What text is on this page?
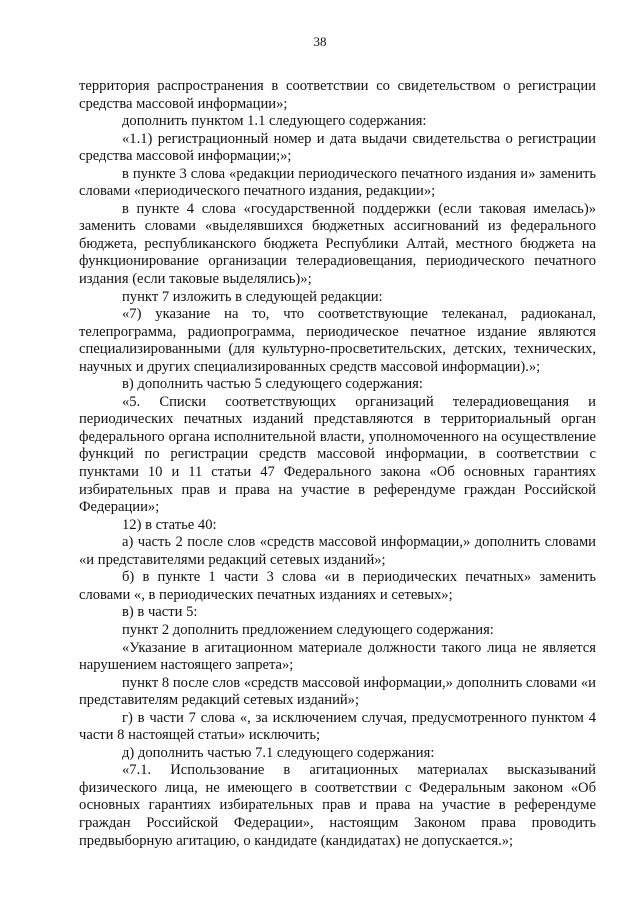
38

территория распространения в соответствии со свидетельством о регистрации средства массовой информации»;

дополнить пунктом 1.1 следующего содержания:

«1.1) регистрационный номер и дата выдачи свидетельства о регистрации средства массовой информации;»;

в пункте 3 слова «редакции периодического печатного издания и» заменить словами «периодического печатного издания, редакции»;

в пункте 4 слова «государственной поддержки (если таковая имелась)» заменить словами «выделявшихся бюджетных ассигнований из федерального бюджета, республиканского бюджета Республики Алтай, местного бюджета на функционирование организации телерадиовещания, периодического печатного издания (если таковые выделялись)»;

пункт 7 изложить в следующей редакции:

«7) указание на то, что соответствующие телеканал, радиоканал, телепрограмма, радиопрограмма, периодическое печатное издание являются специализированными (для культурно-просветительских, детских, технических, научных и других специализированных средств массовой информации).»;

в) дополнить частью 5 следующего содержания:

«5. Списки соответствующих организаций телерадиовещания и периодических печатных изданий представляются в территориальный орган федерального органа исполнительной власти, уполномоченного на осуществление функций по регистрации средств массовой информации, в соответствии с пунктами 10 и 11 статьи 47 Федерального закона «Об основных гарантиях избирательных прав и права на участие в референдуме граждан Российской Федерации»;

12) в статье 40:

а) часть 2 после слов «средств массовой информации,» дополнить словами «и представителями редакций сетевых изданий»;

б) в пункте 1 части 3 слова «и в периодических печатных» заменить словами «, в периодических печатных изданиях и сетевых»;

в) в части 5:

пункт 2 дополнить предложением следующего содержания:

«Указание в агитационном материале должности такого лица не является нарушением настоящего запрета»;

пункт 8 после слов «средств массовой информации,» дополнить словами «и представителям редакций сетевых изданий»;

г) в части 7 слова «, за исключением случая, предусмотренного пунктом 4 части 8 настоящей статьи» исключить;

д) дополнить частью 7.1 следующего содержания:

«7.1. Использование в агитационных материалах высказываний физического лица, не имеющего в соответствии с Федеральным законом «Об основных гарантиях избирательных прав и права на участие в референдуме граждан Российской Федерации», настоящим Законом права проводить предвыборную агитацию, о кандидате (кандидатах) не допускается.»;
